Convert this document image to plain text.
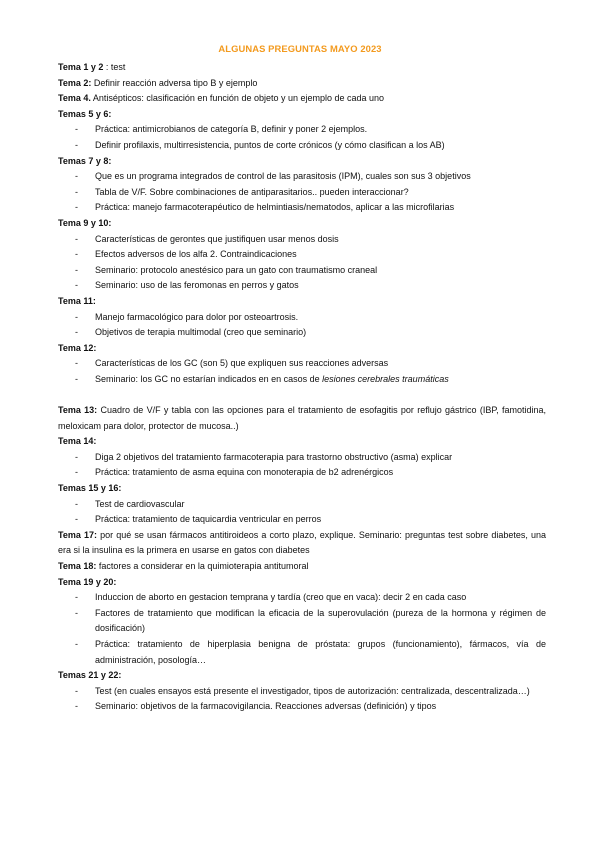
ALGUNAS PREGUNTAS MAYO 2023
Tema 1 y 2 : test
Tema 2: Definir reacción adversa tipo B y ejemplo
Tema 4. Antisépticos: clasificación en función de objeto y un ejemplo de cada uno
Temas 5 y 6:
-	Práctica: antimicrobianos de categoría B, definir y poner 2 ejemplos.
-	Definir profilaxis, multirresistencia, puntos de corte crónicos (y cómo clasifican a los AB)
Temas 7 y 8:
-	Que es un programa integrados de control de las parasitosis (IPM), cuales son sus 3 objetivos
-	Tabla de V/F. Sobre combinaciones de antiparasitarios.. pueden interaccionar?
-	Práctica: manejo farmacoterapéutico de helmintiasis/nematodos, aplicar a las microfilarias
Tema 9 y 10:
-	Características de gerontes que justifiquen usar menos dosis
-	Efectos adversos de los alfa 2. Contraindicaciones
-	Seminario: protocolo anestésico para un gato con traumatismo craneal
-	Seminario: uso de las feromonas en perros y gatos
Tema 11:
-	Manejo farmacológico para dolor por osteoartrosis.
-	Objetivos de terapia multimodal (creo que seminario)
Tema 12:
-	Características de los GC (son 5) que expliquen sus reacciones adversas
-	Seminario: los GC no estarían indicados en en casos de lesiones cerebrales traumáticas
Tema 13: Cuadro de V/F y tabla con las opciones para el tratamiento de esofagitis por reflujo gástrico (IBP, famotidina, meloxicam para dolor, protector de mucosa..)
Tema 14:
-	Diga 2 objetivos del tratamiento farmacoterapia para trastorno obstructivo (asma) explicar
-	Práctica: tratamiento de asma equina con monoterapia de b2 adrenérgicos
Temas 15 y 16:
-	Test de cardiovascular
-	Práctica: tratamiento de taquicardia ventricular en perros
Tema 17: por qué se usan fármacos antitiroideos a corto plazo, explique. Seminario: preguntas test sobre diabetes, una era si la insulina es la primera en usarse en gatos con diabetes
Tema 18: factores a considerar en la quimioterapia antitumoral
Tema 19 y 20:
-	Induccion de aborto en gestacion temprana y tardía (creo que en vaca): decir 2 en cada caso
-	Factores de tratamiento que modifican la eficacia de la superovulación (pureza de la hormona y régimen de dosificación)
-	Práctica: tratamiento de hiperplasia benigna de próstata: grupos (funcionamiento), fármacos, vía de administración, posología…
Temas 21 y 22:
-	Test (en cuales ensayos está presente el investigador, tipos de autorización: centralizada, descentralizada…)
-	Seminario: objetivos de la farmacovigilancia. Reacciones adversas (definición) y tipos
